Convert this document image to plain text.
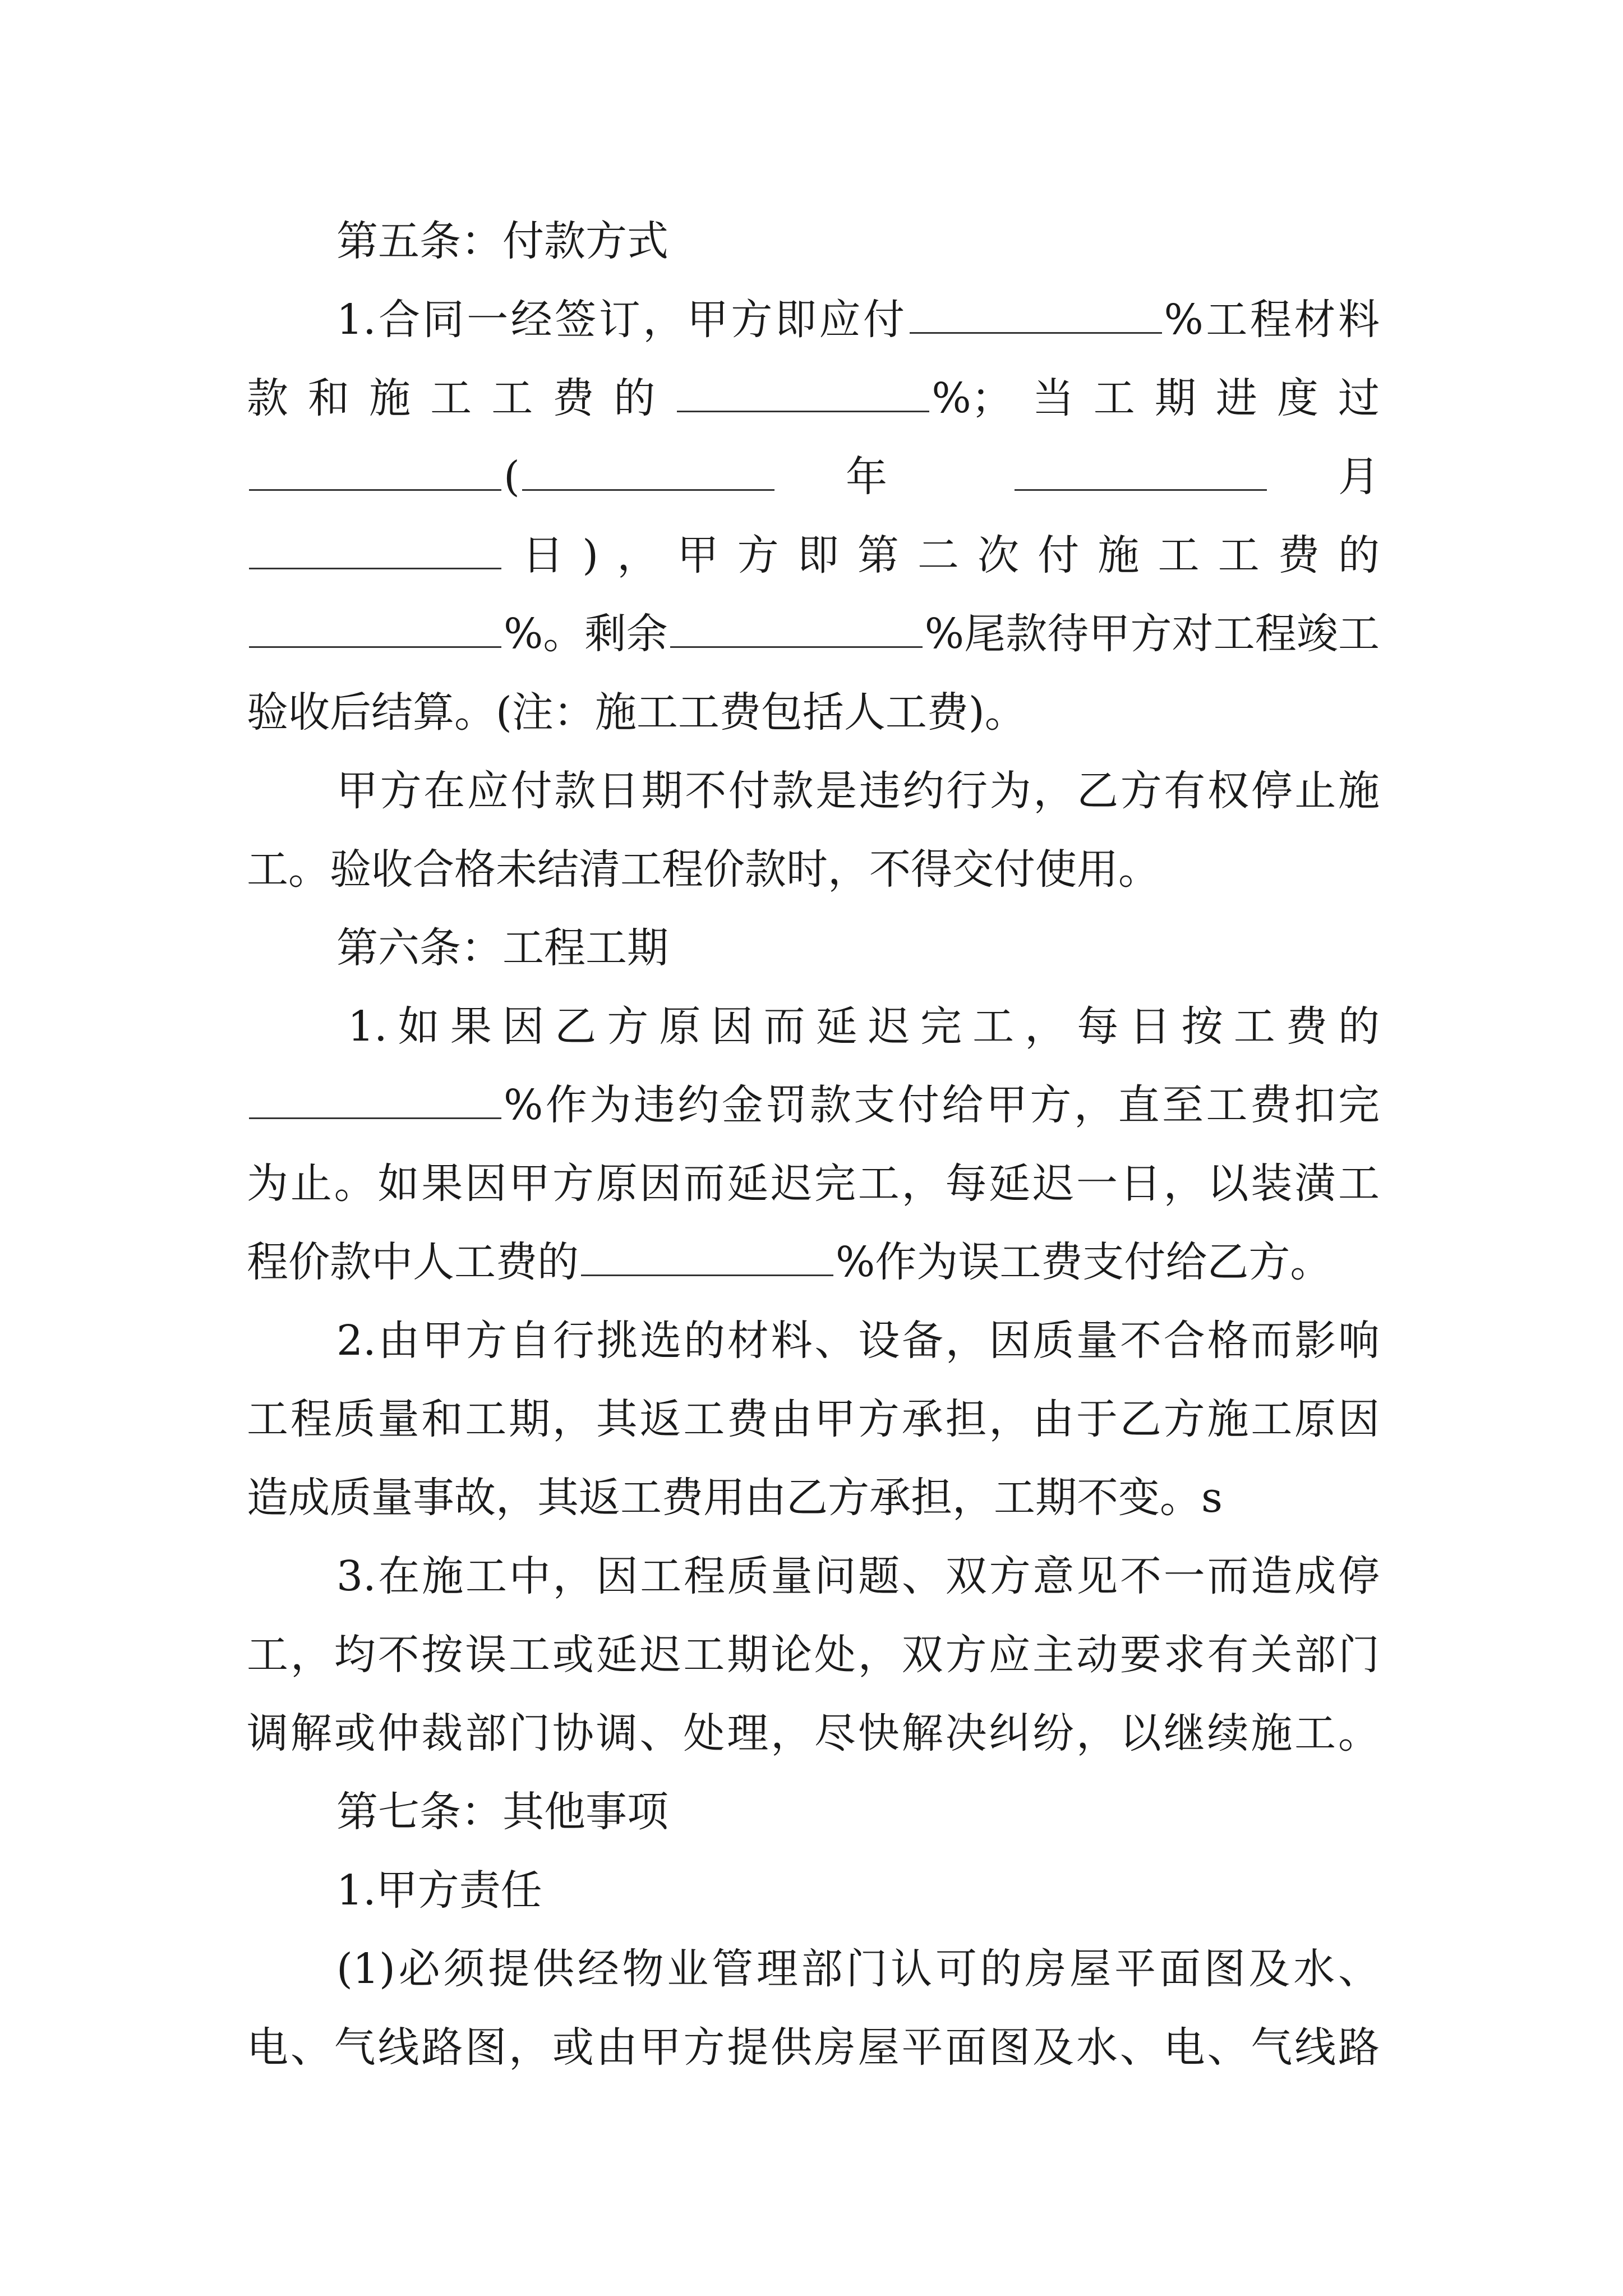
第五条：付款方式
1.合同一经签订，甲方即应付	%工程材料
款和施工工费的	%；当工期进度过
(	年	月
日)，甲方即第二次付施工工费的
%。剩余	%尾款待甲方对工程竣工
验收后结算。(注：施工工费包括人工费)。
甲方在应付款日期不付款是违约行为，乙方有权停止施
工。验收合格未结清工程价款时，不得交付使用。
第六条：工程工期
1.如果因乙方原因而延迟完工，每日按工费的
%作为违约金罚款支付给甲方，直至工费扣完
为止。如果因甲方原因而延迟完工，每延迟一日，以装潢工
程价款中人工费的	%作为误工费支付给乙方。
2.由甲方自行挑选的材料、设备，因质量不合格而影响
工程质量和工期，其返工费由甲方承担，由于乙方施工原因
造成质量事故，其返工费用由乙方承担，工期不变。s
3.在施工中，因工程质量问题、双方意见不一而造成停
工，均不按误工或延迟工期论处，双方应主动要求有关部门
调解或仲裁部门协调、处理，尽快解决纠纷，以继续施工。
第七条：其他事项
1.甲方责任
(1)必须提供经物业管理部门认可的房屋平面图及水、
电、气线路图，或由甲方提供房屋平面图及水、电、气线路
